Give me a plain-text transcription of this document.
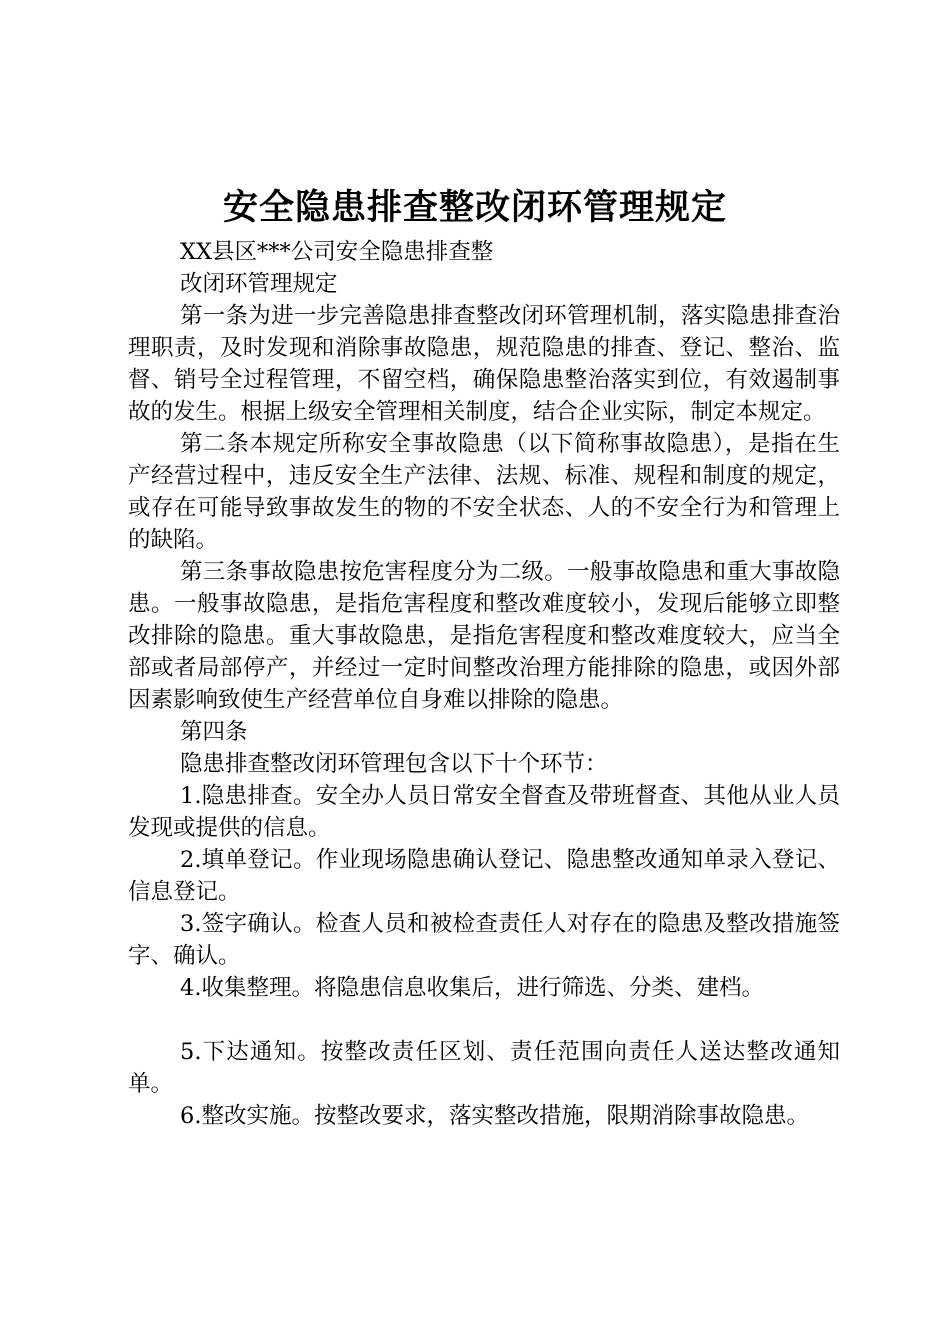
安全隐患排查整改闭环管理规定

XX县区***公司安全隐患排查整

改闭环管理规定

第一条为进一步完善隐患排查整改闭环管理机制，落实隐患排查治理职责，及时发现和消除事故隐患，规范隐患的排查、登记、整治、监督、销号全过程管理，不留空档，确保隐患整治落实到位，有效遏制事故的发生。根据上级安全管理相关制度，结合企业实际，制定本规定。

第二条本规定所称安全事故隐患（以下简称事故隐患），是指在生产经营过程中，违反安全生产法律、法规、标准、规程和制度的规定，或存在可能导致事故发生的物的不安全状态、人的不安全行为和管理上的缺陷。

第三条事故隐患按危害程度分为二级。一般事故隐患和重大事故隐患。一般事故隐患，是指危害程度和整改难度较小，发现后能够立即整改排除的隐患。重大事故隐患，是指危害程度和整改难度较大，应当全部或者局部停产，并经过一定时间整改治理方能排除的隐患，或因外部因素影响致使生产经营单位自身难以排除的隐患。

第四条

隐患排查整改闭环管理包含以下十个环节：

1.隐患排查。安全办人员日常安全督查及带班督查、其他从业人员发现或提供的信息。

2.填单登记。作业现场隐患确认登记、隐患整改通知单录入登记、信息登记。

3.签字确认。检查人员和被检查责任人对存在的隐患及整改措施签字、确认。

4.收集整理。将隐患信息收集后，进行筛选、分类、建档。

5.下达通知。按整改责任区划、责任范围向责任人送达整改通知单。

6.整改实施。按整改要求，落实整改措施，限期消除事故隐患。
